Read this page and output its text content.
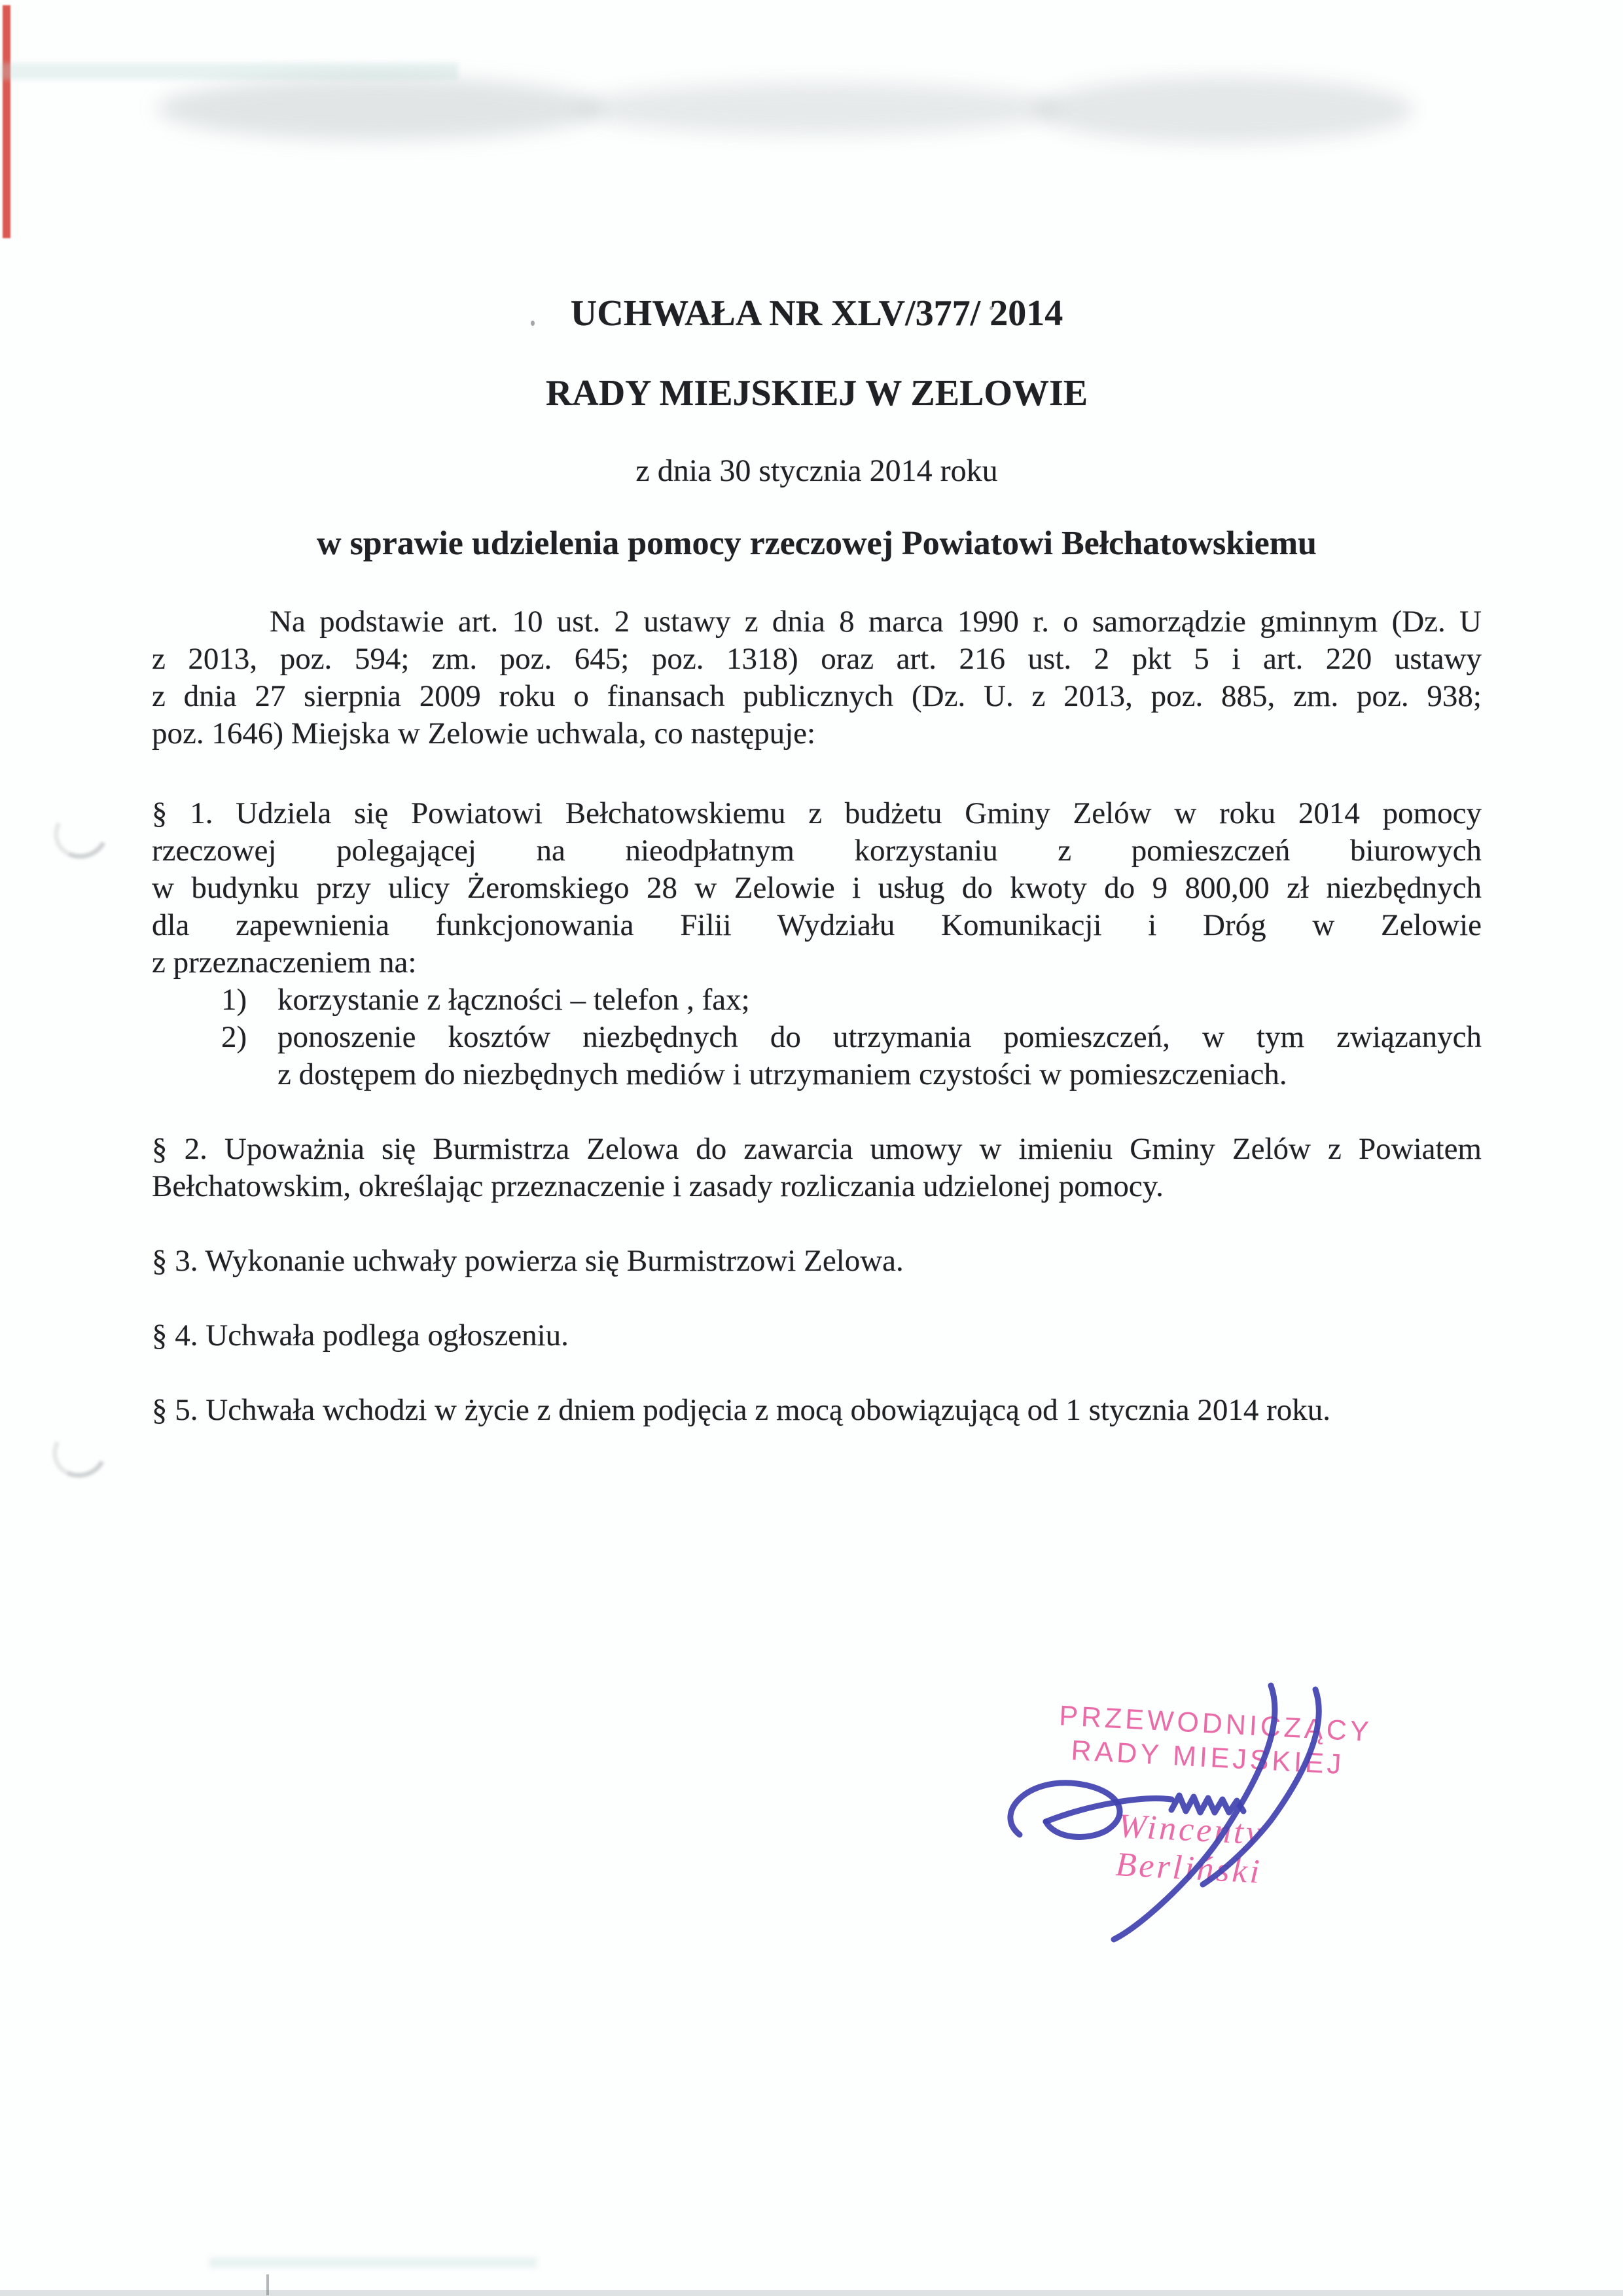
UCHWAŁA NR XLV/377/ 2014
RADY MIEJSKIEJ W ZELOWIE
z dnia 30 stycznia 2014 roku
w sprawie udzielenia pomocy rzeczowej Powiatowi Bełchatowskiemu
Na podstawie art. 10 ust. 2 ustawy z dnia 8 marca 1990 r. o samorządzie gminnym (Dz. U
z 2013, poz. 594; zm. poz. 645; poz. 1318) oraz art. 216 ust. 2 pkt 5 i art. 220 ustawy
z dnia 27 sierpnia 2009 roku o finansach publicznych (Dz. U. z 2013, poz. 885, zm. poz. 938;
poz. 1646) Miejska w Zelowie uchwala, co następuje:
§ 1. Udziela się Powiatowi Bełchatowskiemu z budżetu Gminy Zelów w roku 2014 pomocy
rzeczowej polegającej na nieodpłatnym korzystaniu z pomieszczeń biurowych
w budynku przy ulicy Żeromskiego 28 w Zelowie i usług do kwoty do 9 800,00 zł niezbędnych
dla zapewnienia funkcjonowania Filii Wydziału Komunikacji i Dróg w Zelowie
z przeznaczeniem na:
1) korzystanie z łączności – telefon , fax;
2) ponoszenie kosztów niezbędnych do utrzymania pomieszczeń, w tym związanych
z dostępem do niezbędnych mediów i utrzymaniem czystości w pomieszczeniach.
§ 2. Upoważnia się Burmistrza Zelowa do zawarcia umowy w imieniu Gminy Zelów z Powiatem
Bełchatowskim, określając przeznaczenie i zasady rozliczania udzielonej pomocy.
§ 3. Wykonanie uchwały powierza się Burmistrzowi Zelowa.
§ 4. Uchwała podlega ogłoszeniu.
§ 5. Uchwała wchodzi w życie z dniem podjęcia z mocą obowiązującą od 1 stycznia 2014 roku.
PRZEWODNICZĄCY
RADY MIEJSKIEJ
Wincenty Berliński
